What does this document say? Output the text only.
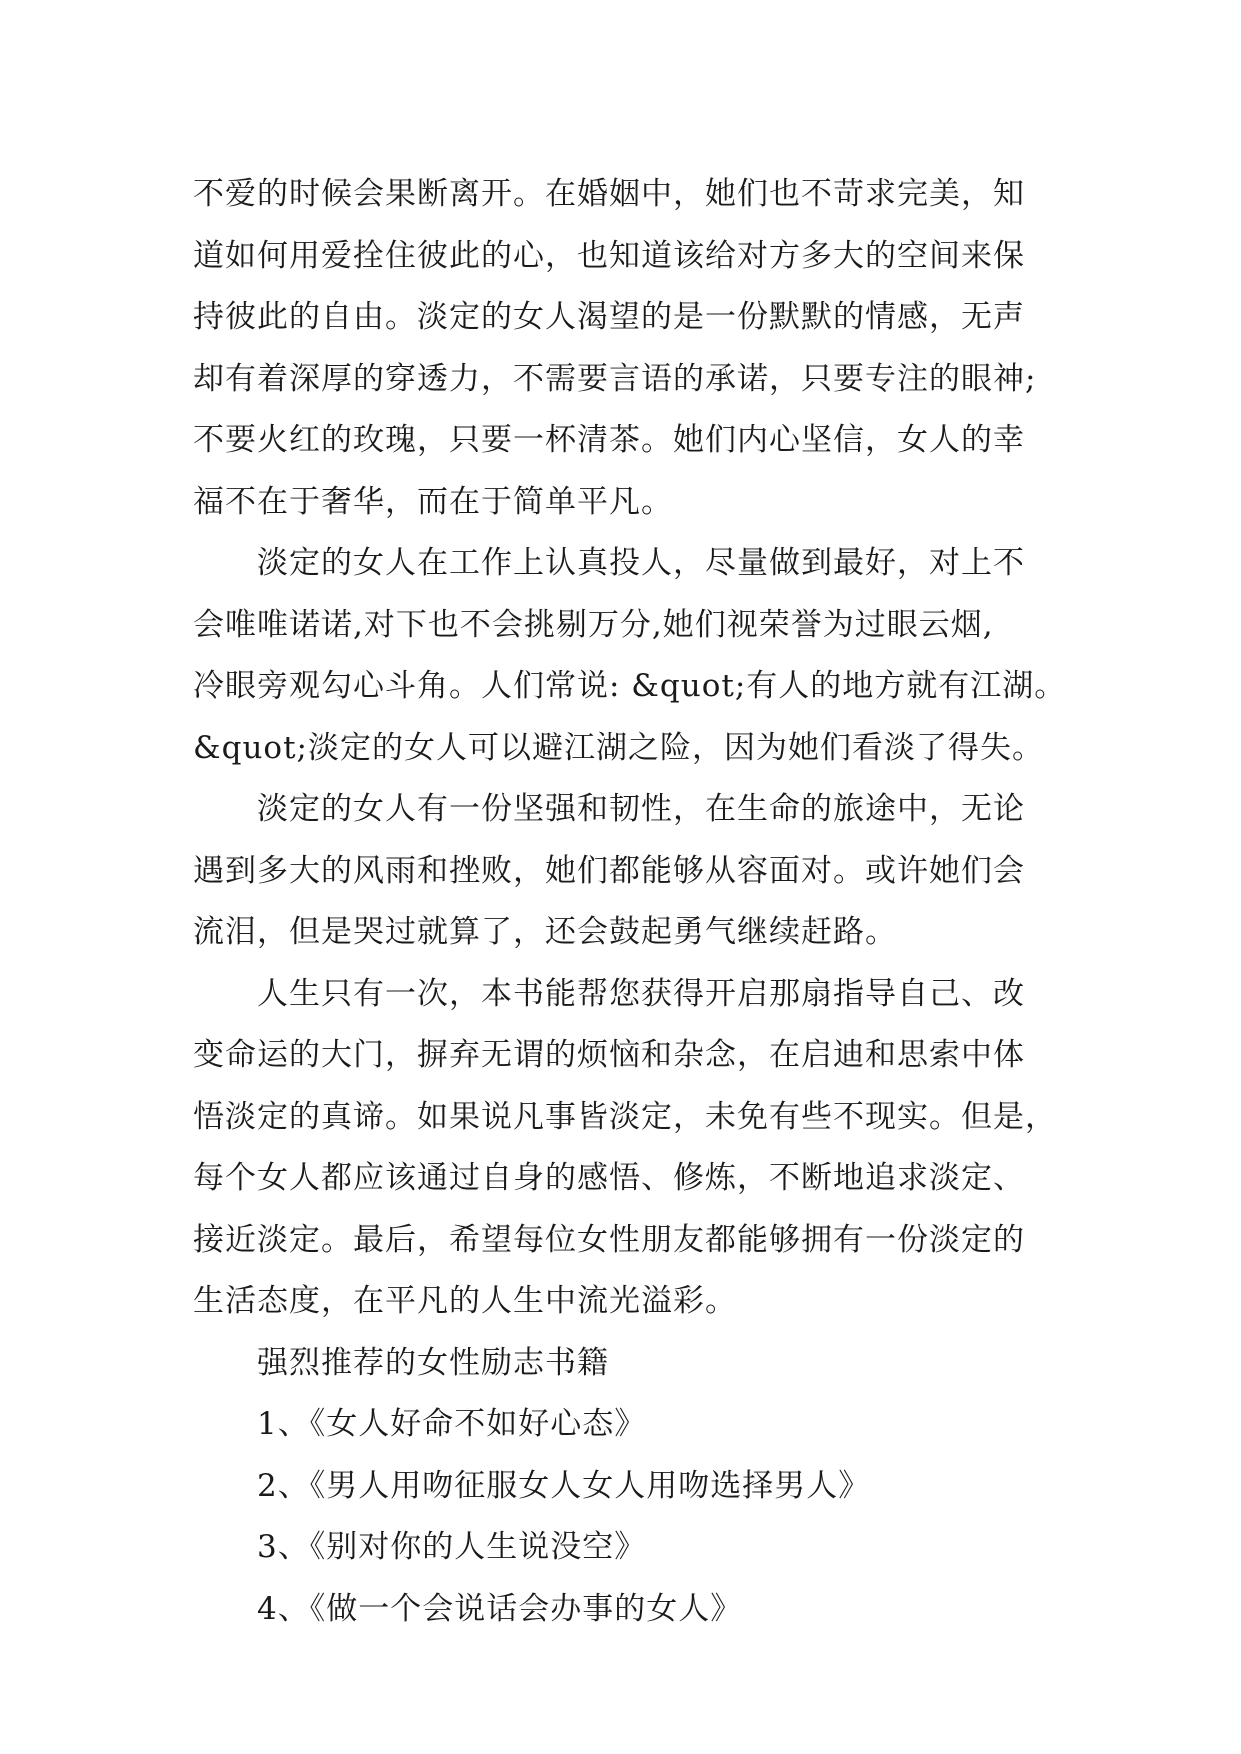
不爱的时候会果断离开。在婚姻中，她们也不苛求完美，知
道如何用爱拴住彼此的心，也知道该给对方多大的空间来保
持彼此的自由。淡定的女人渴望的是一份默默的情感，无声
却有着深厚的穿透力，不需要言语的承诺，只要专注的眼神;
不要火红的玫瑰，只要一杯清茶。她们内心坚信，女人的幸
福不在于奢华，而在于简单平凡。
淡定的女人在工作上认真投人，尽量做到最好，对上不
会唯唯诺诺,对下也不会挑剔万分,她们视荣誉为过眼云烟,
冷眼旁观勾心斗角。人们常说: &quot;有人的地方就有江湖。
&quot;淡定的女人可以避江湖之险，因为她们看淡了得失。
淡定的女人有一份坚强和韧性，在生命的旅途中，无论
遇到多大的风雨和挫败，她们都能够从容面对。或许她们会
流泪，但是哭过就算了，还会鼓起勇气继续赶路。
人生只有一次，本书能帮您获得开启那扇指导自己、改
变命运的大门，摒弃无谓的烦恼和杂念，在启迪和思索中体
悟淡定的真谛。如果说凡事皆淡定，未免有些不现实。但是，
每个女人都应该通过自身的感悟、修炼，不断地追求淡定、
接近淡定。最后，希望每位女性朋友都能够拥有一份淡定的
生活态度，在平凡的人生中流光溢彩。
强烈推荐的女性励志书籍
1、《女人好命不如好心态》
2、《男人用吻征服女人女人用吻选择男人》
3、《别对你的人生说没空》
4、《做一个会说话会办事的女人》
